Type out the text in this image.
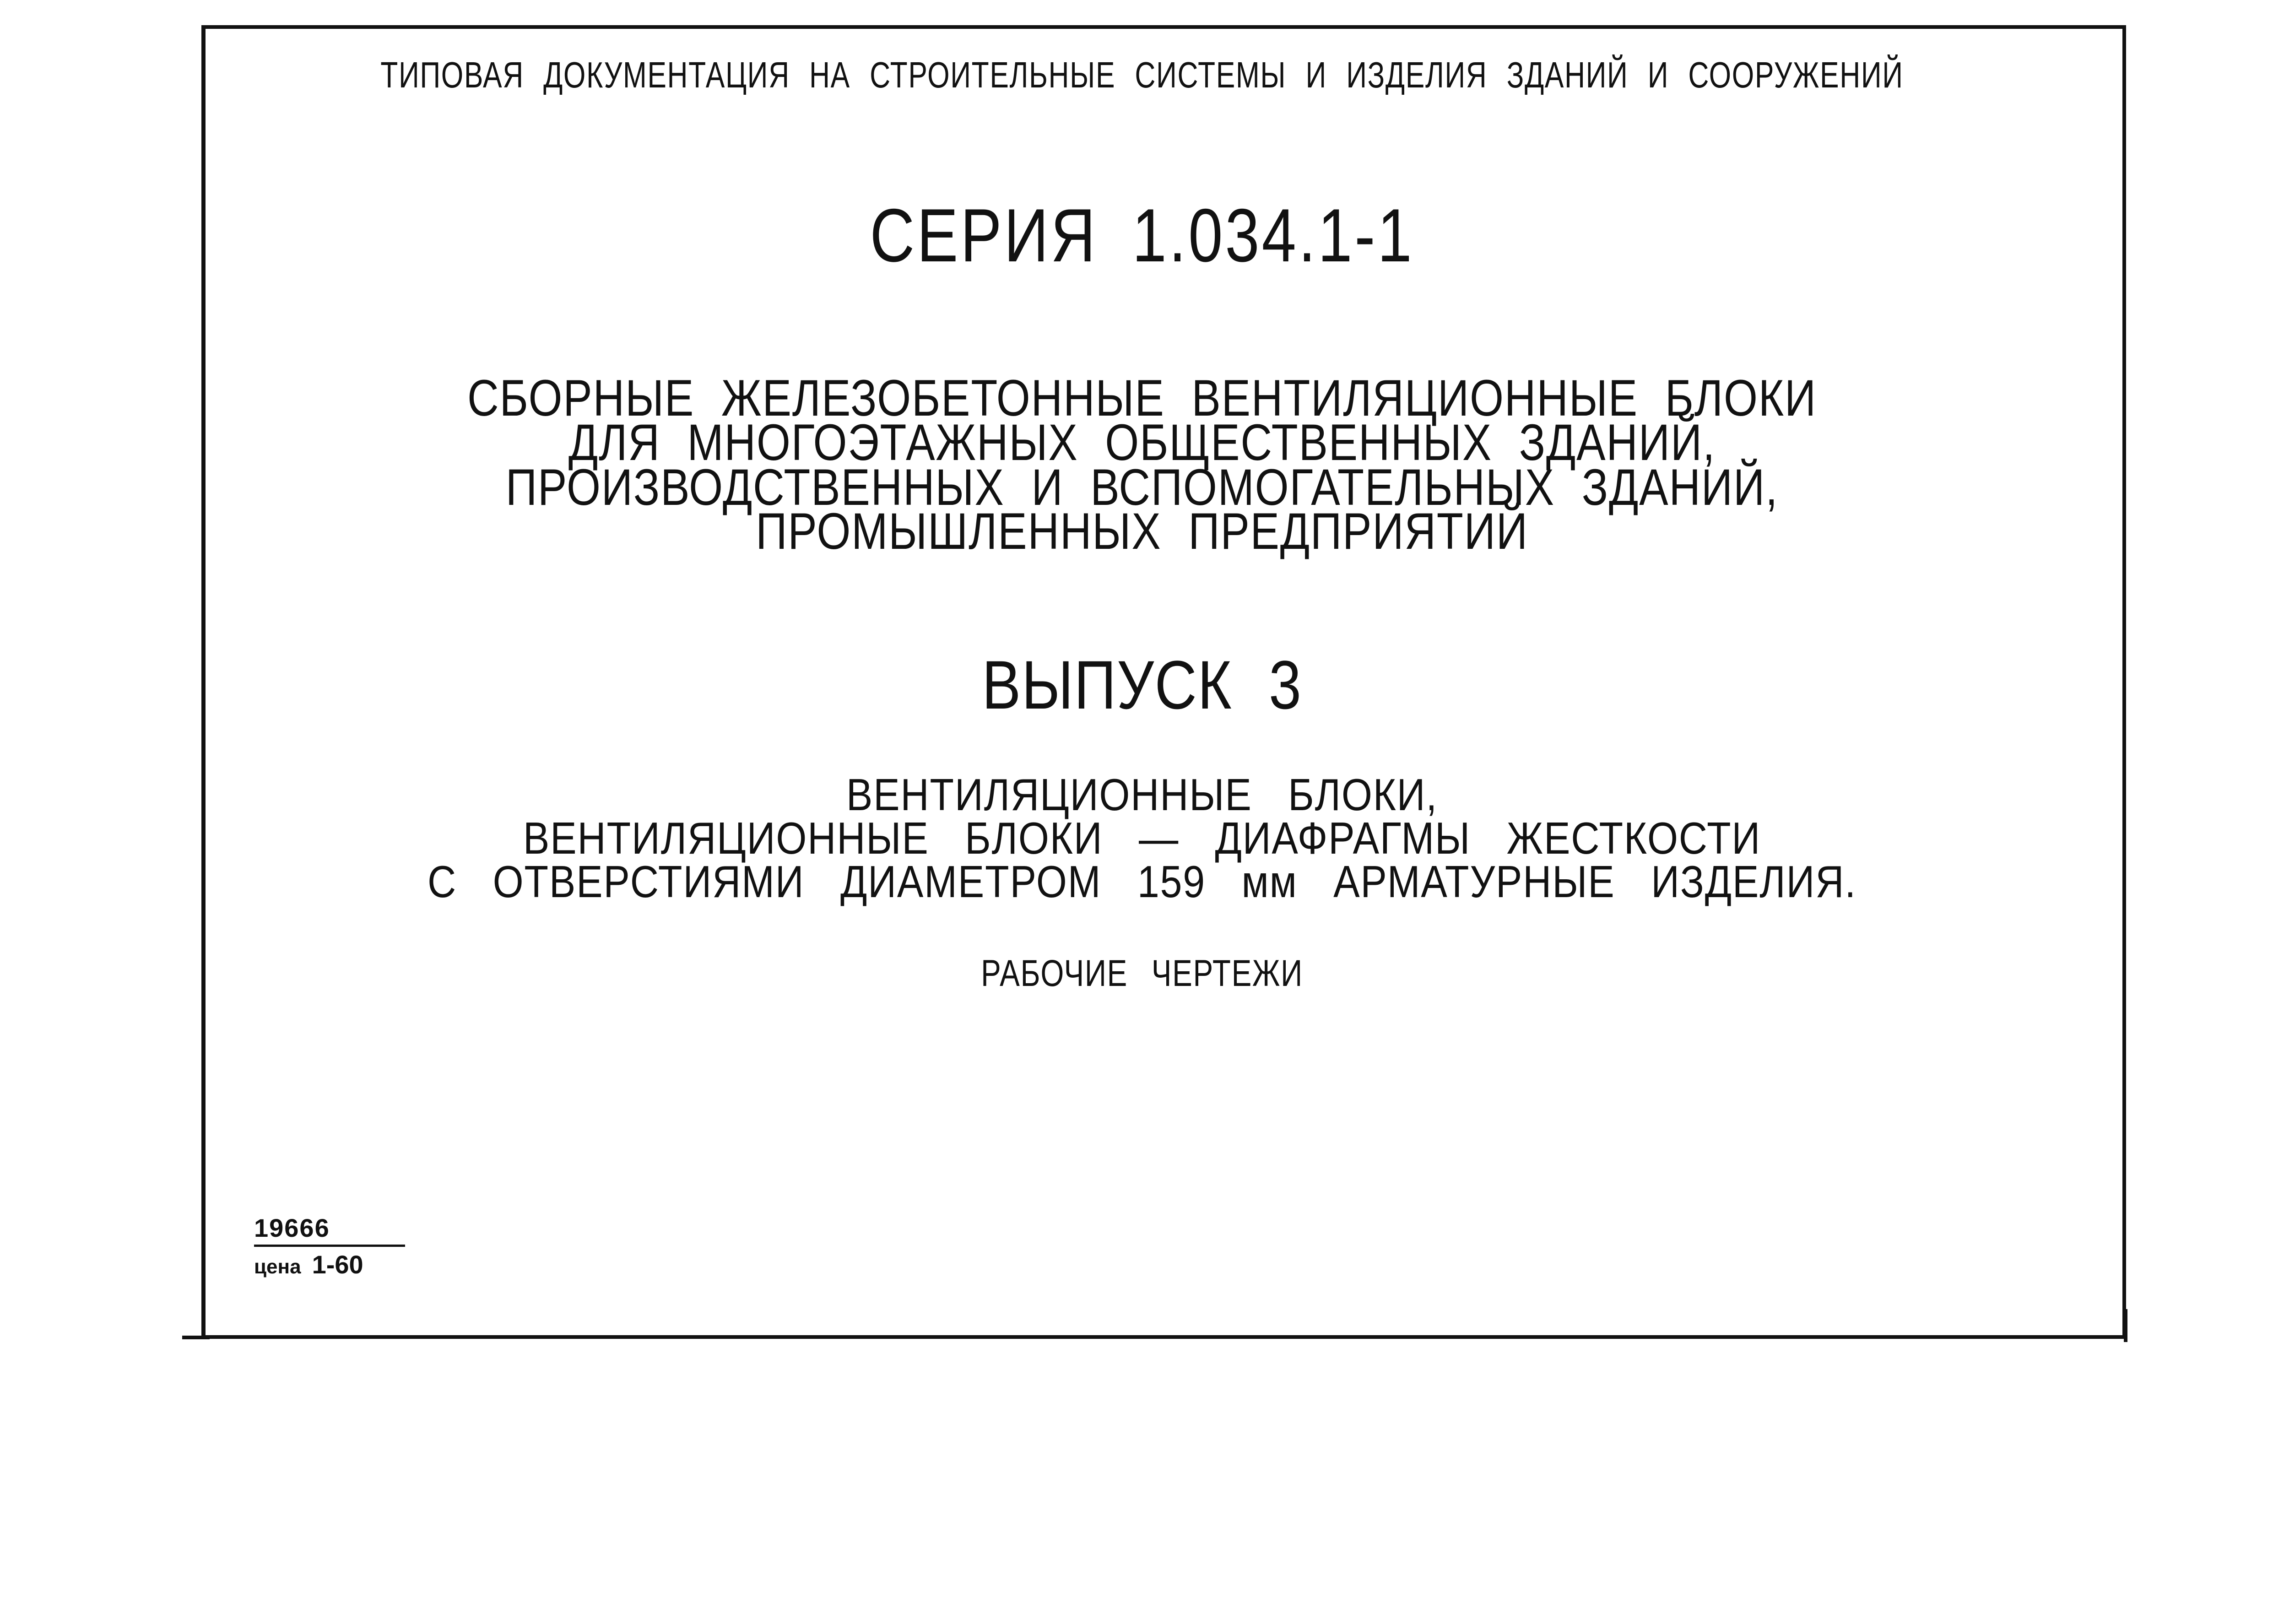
ТИПОВАЯ ДОКУМЕНТАЦИЯ НА СТРОИТЕЛЬНЫЕ СИСТЕМЫ И ИЗДЕЛИЯ ЗДАНИЙ И СООРУЖЕНИЙ
СЕРИЯ 1.034.1-1
СБОРНЫЕ ЖЕЛЕЗОБЕТОННЫЕ ВЕНТИЛЯЦИОННЫЕ БЛОКИ
ДЛЯ МНОГОЭТАЖНЫХ ОБЩЕСТВЕННЫХ ЗДАНИЙ,
ПРОИЗВОДСТВЕННЫХ И ВСПОМОГАТЕЛЬНЫХ ЗДАНИЙ,
ПРОМЫШЛЕННЫХ ПРЕДПРИЯТИЙ
ВЫПУСК 3
ВЕНТИЛЯЦИОННЫЕ БЛОКИ,
ВЕНТИЛЯЦИОННЫЕ БЛОКИ — ДИАФРАГМЫ ЖЕСТКОСТИ
С ОТВЕРСТИЯМИ ДИАМЕТРОМ 159 мм АРМАТУРНЫЕ ИЗДЕЛИЯ.
РАБОЧИЕ ЧЕРТЕЖИ
19666
цена 1-60
